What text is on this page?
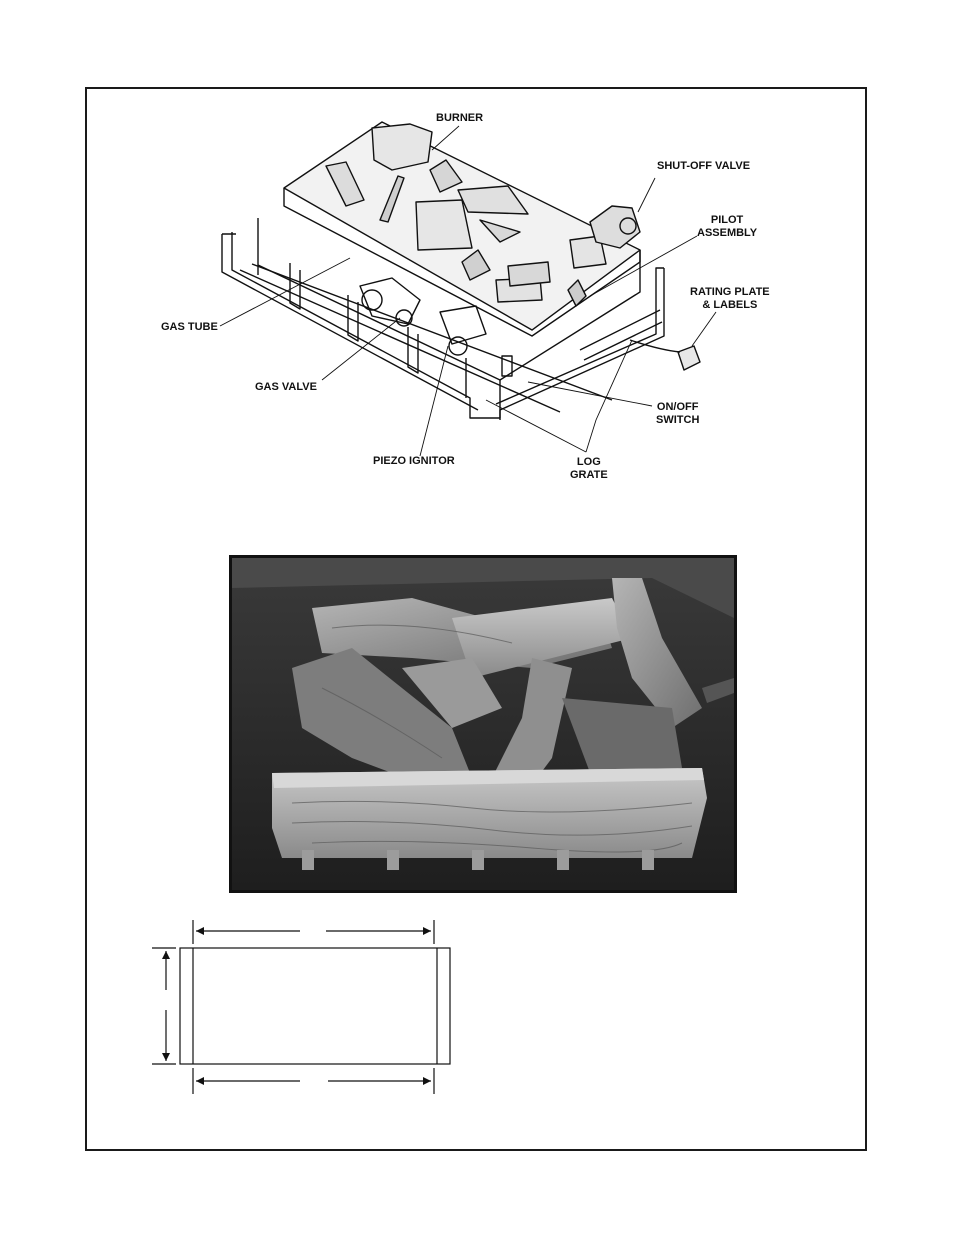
BURNER
SHUT-OFF VALVE
PILOT
ASSEMBLY
RATING PLATE
& LABELS
GAS TUBE
GAS VALVE
PIEZO IGNITOR
ON/OFF
SWITCH
LOG
GRATE
